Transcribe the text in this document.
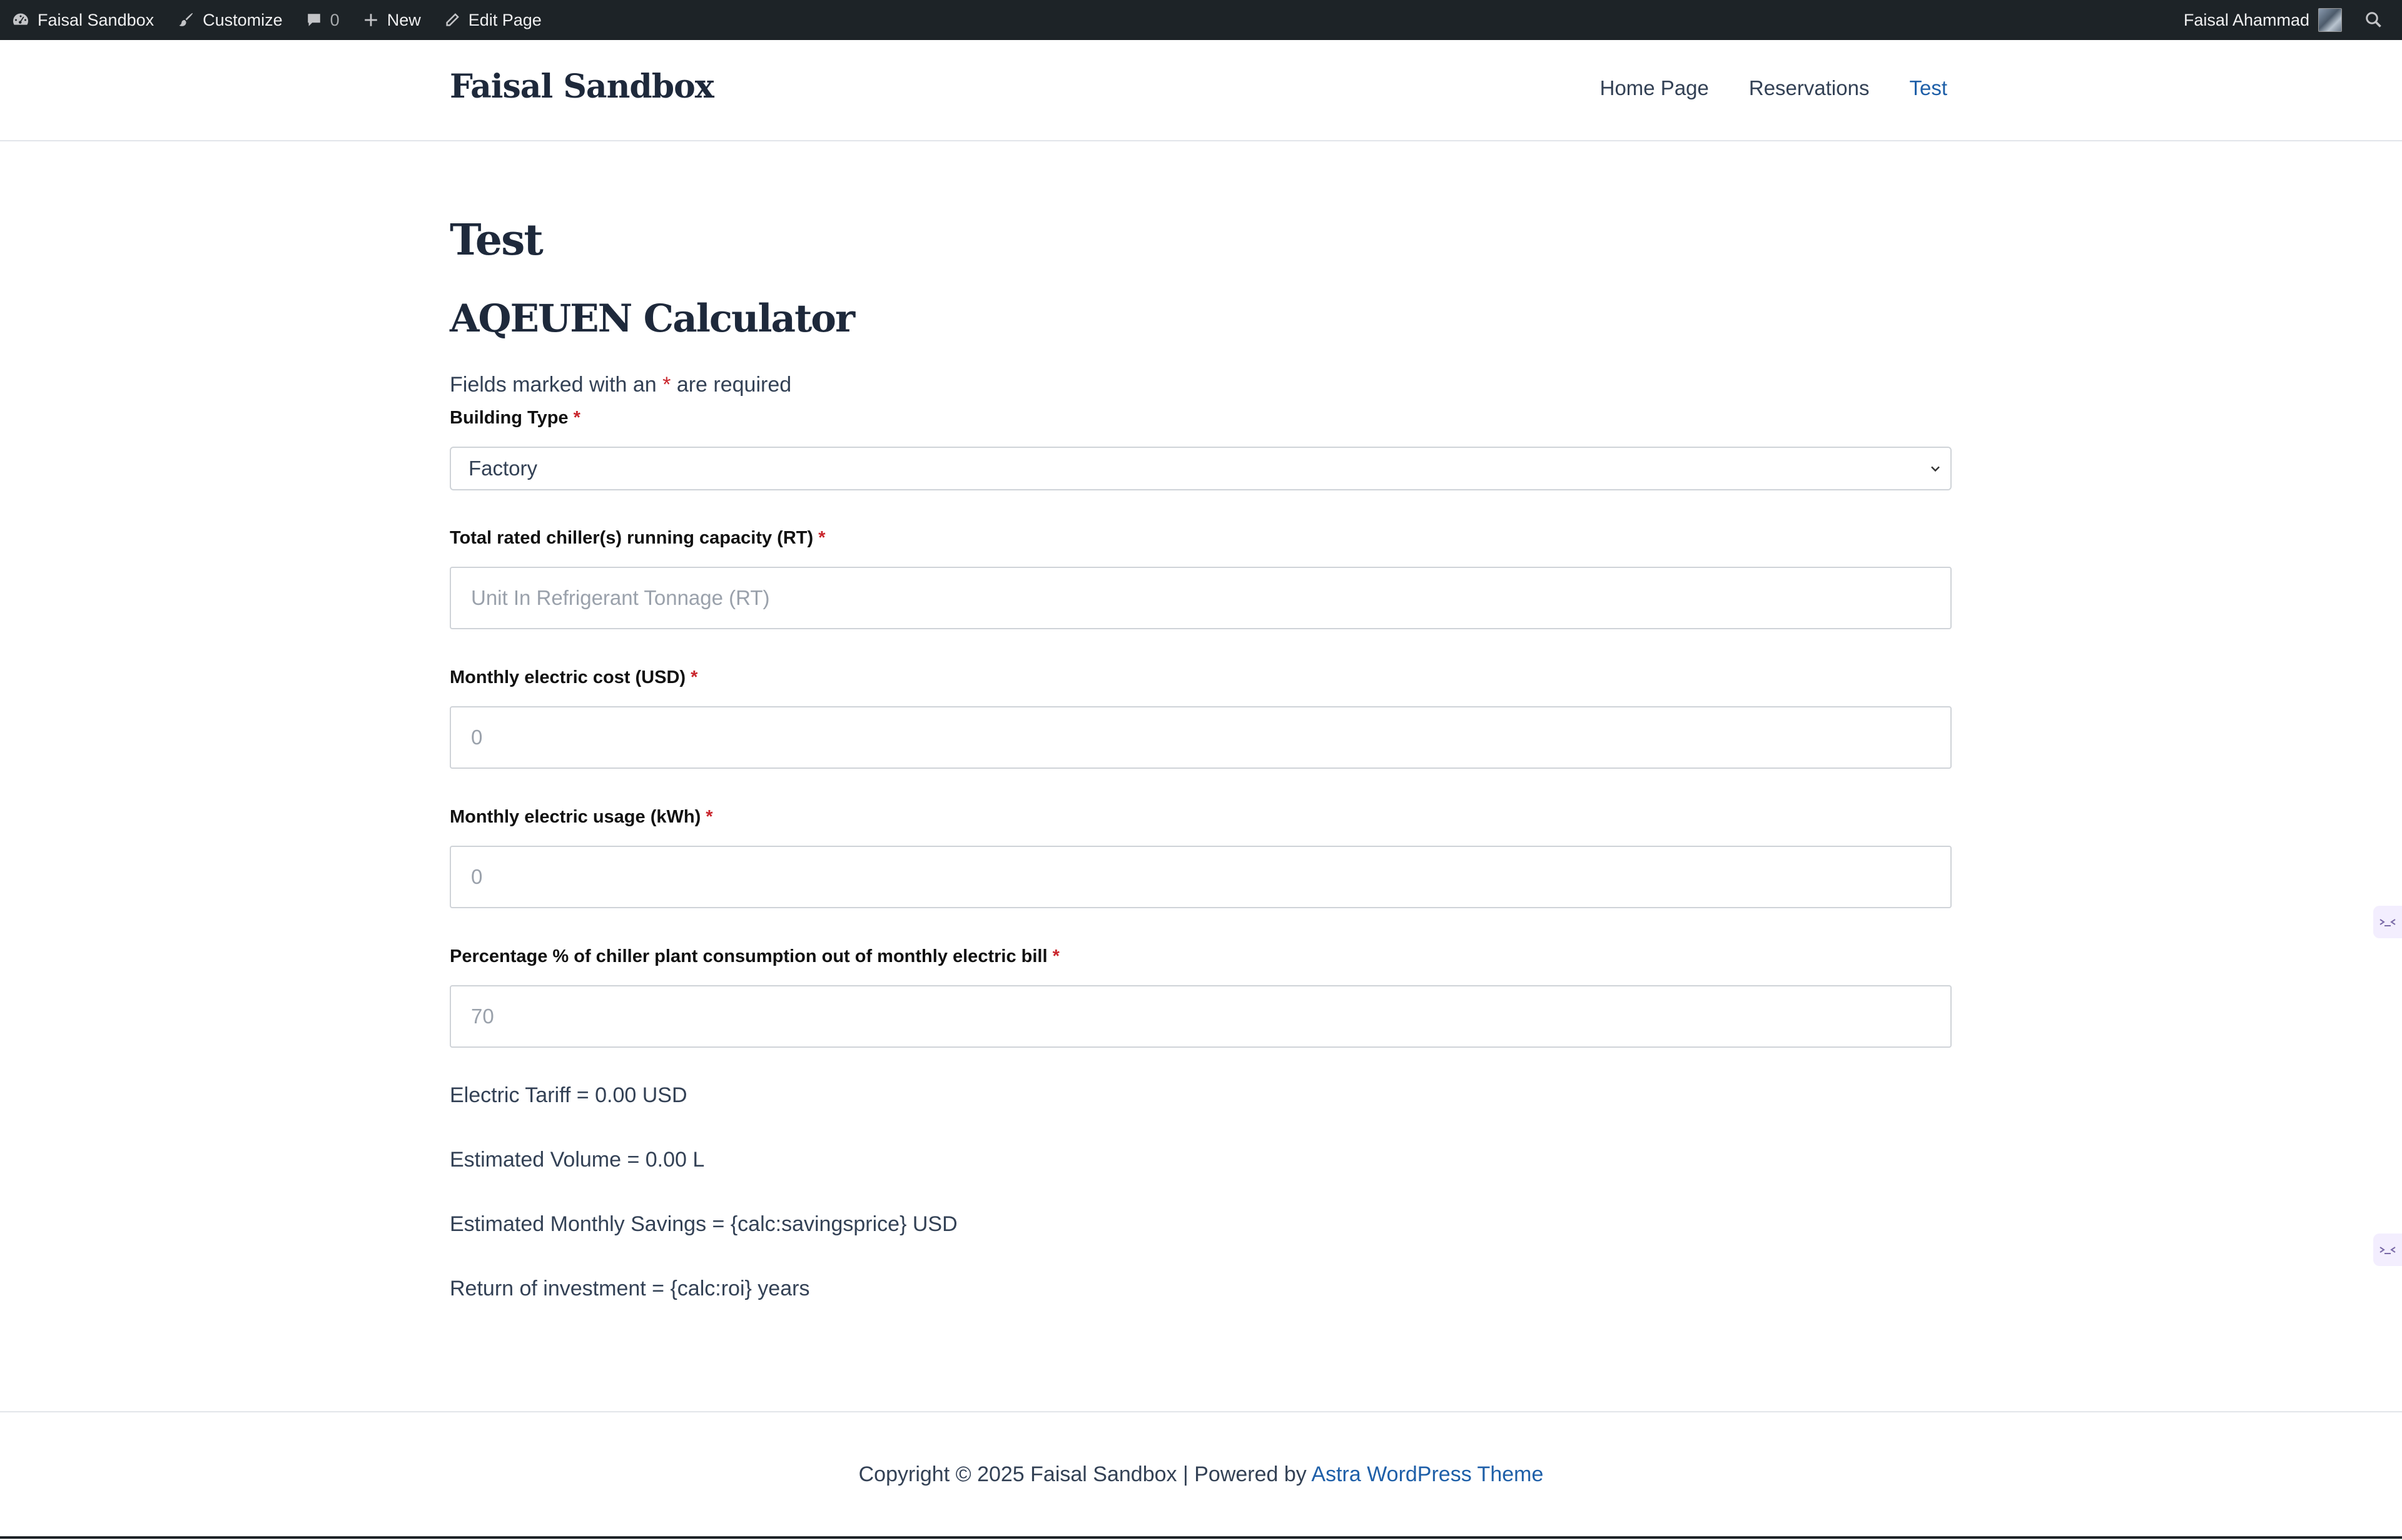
Faisal Sandbox	Customize	0	New	Edit Page	Faisal Ahammad
Faisal Sandbox	Home Page Reservations Test
Test
AQEUEN Calculator
Fields marked with an * are required
Building Type *
Factory
Total rated chiller(s) running capacity (RT) *
Unit In Refrigerant Tonnage (RT)
Monthly electric cost (USD) *
0
Monthly electric usage (kWh) *
0
Percentage % of chiller plant consumption out of monthly electric bill *
70
Electric Tariff = 0.00 USD
Estimated Volume = 0.00 L
Estimated Monthly Savings = {calc:savingsprice} USD
Return of investment = {calc:roi} years
Copyright © 2025 Faisal Sandbox | Powered by Astra WordPress Theme
